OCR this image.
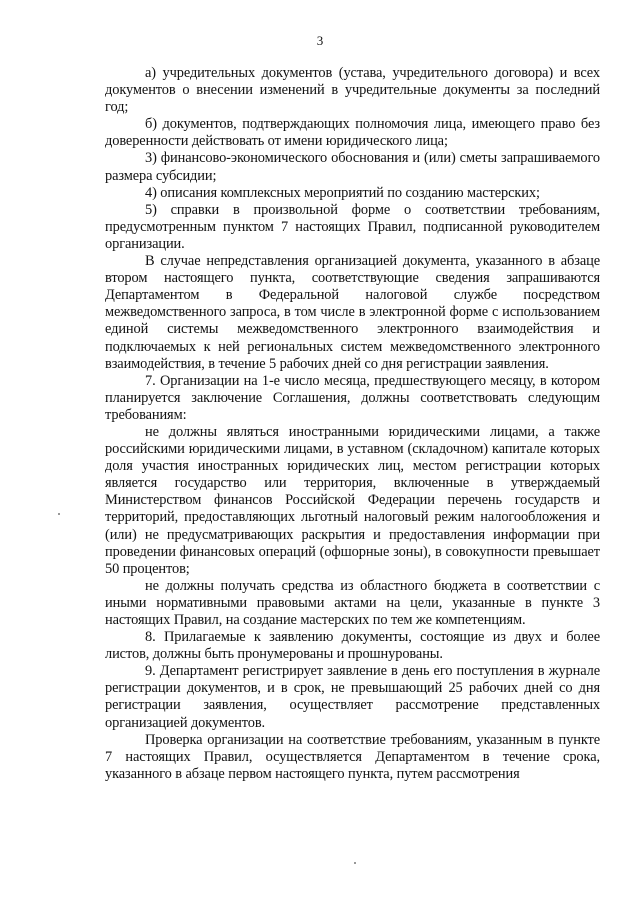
3

а) учредительных документов (устава, учредительного договора) и всех документов о внесении изменений в учредительные документы за последний год;

б) документов, подтверждающих полномочия лица, имеющего право без доверенности действовать от имени юридического лица;

3) финансово-экономического обоснования и (или) сметы запрашиваемого размера субсидии;

4) описания комплексных мероприятий по созданию мастерских;

5) справки в произвольной форме о соответствии требованиям, предусмотренным пунктом 7 настоящих Правил, подписанной руководителем организации.

В случае непредставления организацией документа, указанного в абзаце втором настоящего пункта, соответствующие сведения запрашиваются Департаментом в Федеральной налоговой службе посредством межведомственного запроса, в том числе в электронной форме с использованием единой системы межведомственного электронного взаимодействия и подключаемых к ней региональных систем межведомственного электронного взаимодействия, в течение 5 рабочих дней со дня регистрации заявления.

7. Организации на 1-е число месяца, предшествующего месяцу, в котором планируется заключение Соглашения, должны соответствовать следующим требованиям:

не должны являться иностранными юридическими лицами, а также российскими юридическими лицами, в уставном (складочном) капитале которых доля участия иностранных юридических лиц, местом регистрации которых является государство или территория, включенные в утверждаемый Министерством финансов Российской Федерации перечень государств и территорий, предоставляющих льготный налоговый режим налогообложения и (или) не предусматривающих раскрытия и предоставления информации при проведении финансовых операций (офшорные зоны), в совокупности превышает 50 процентов;

не должны получать средства из областного бюджета в соответствии с иными нормативными правовыми актами на цели, указанные в пункте 3 настоящих Правил, на создание мастерских по тем же компетенциям.

8. Прилагаемые к заявлению документы, состоящие из двух и более листов, должны быть пронумерованы и прошнурованы.

9. Департамент регистрирует заявление в день его поступления в журнале регистрации документов, и в срок, не превышающий 25 рабочих дней со дня регистрации заявления, осуществляет рассмотрение представленных организацией документов.

Проверка организации на соответствие требованиям, указанным в пункте 7 настоящих Правил, осуществляется Департаментом в течение срока, указанного в абзаце первом настоящего пункта, путем рассмотрения
